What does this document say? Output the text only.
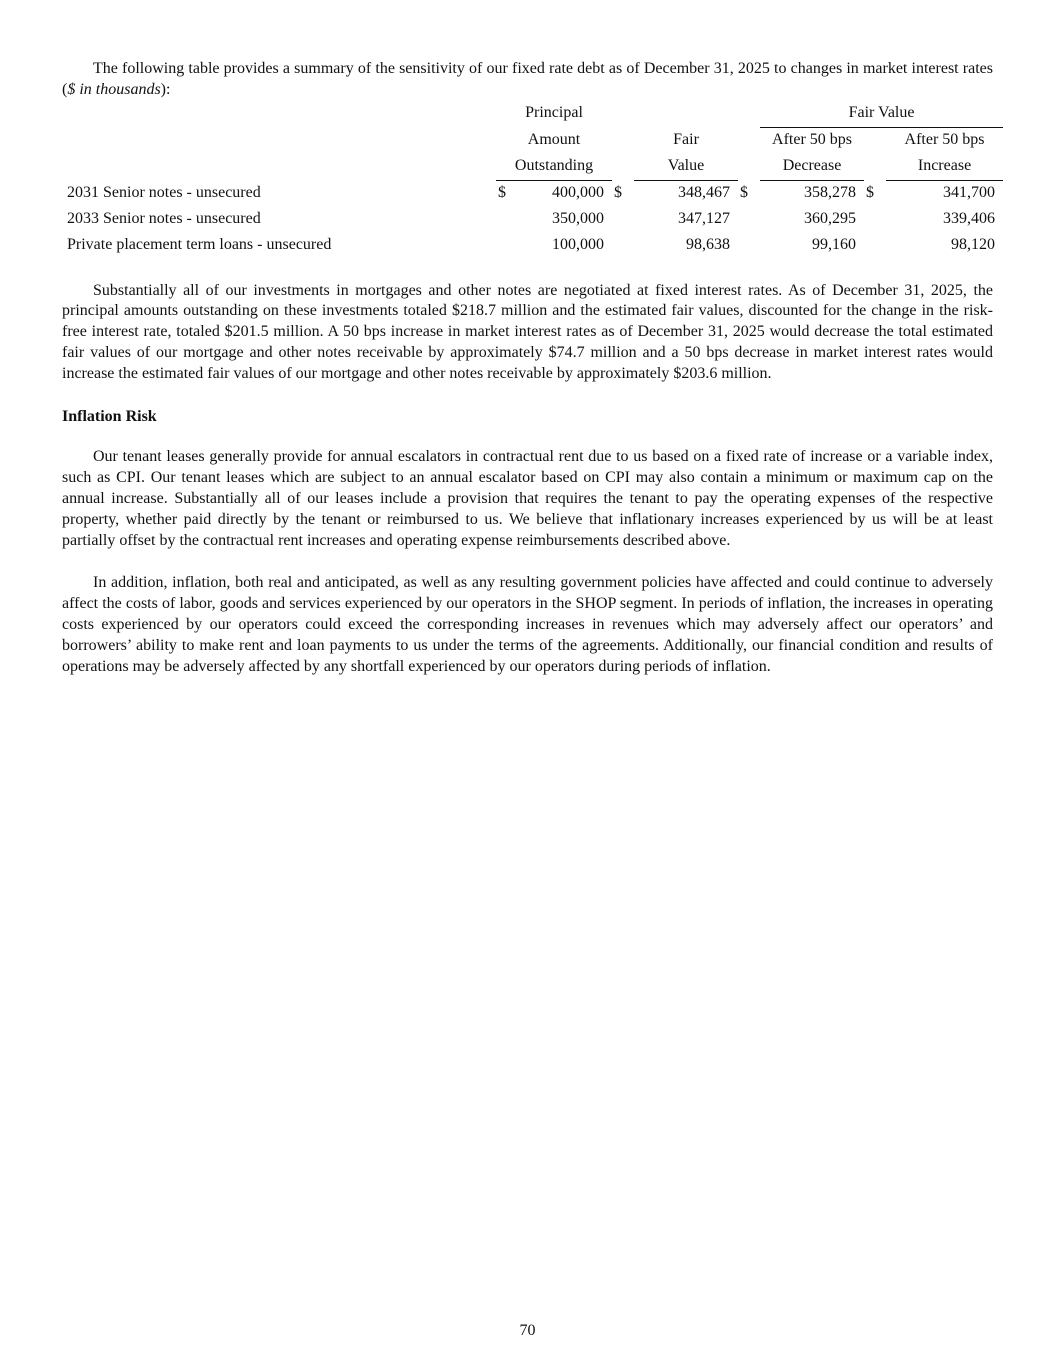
The following table provides a summary of the sensitivity of our fixed rate debt as of December 31, 2025 to changes in market interest rates ($ in thousands):

	Principal					Fair Value		
	Amount			Fair		After 50 bps		After 50 bps
	Outstanding			Value		Decrease		Increase
2031 Senior notes - unsecured	$	400,000	$	348,467	$	358,278	$	341,700
2033 Senior notes - unsecured		350,000		347,127		360,295		339,406
Private placement term loans - unsecured		100,000		98,638		99,160		98,120

Substantially all of our investments in mortgages and other notes are negotiated at fixed interest rates. As of December 31, 2025, the principal amounts outstanding on these investments totaled $218.7 million and the estimated fair values, discounted for the change in the risk-free interest rate, totaled $201.5 million. A 50 bps increase in market interest rates as of December 31, 2025 would decrease the total estimated fair values of our mortgage and other notes receivable by approximately $74.7 million and a 50 bps decrease in market interest rates would increase the estimated fair values of our mortgage and other notes receivable by approximately $203.6 million.

Inflation Risk

Our tenant leases generally provide for annual escalators in contractual rent due to us based on a fixed rate of increase or a variable index, such as CPI. Our tenant leases which are subject to an annual escalator based on CPI may also contain a minimum or maximum cap on the annual increase. Substantially all of our leases include a provision that requires the tenant to pay the operating expenses of the respective property, whether paid directly by the tenant or reimbursed to us. We believe that inflationary increases experienced by us will be at least partially offset by the contractual rent increases and operating expense reimbursements described above.

In addition, inflation, both real and anticipated, as well as any resulting government policies have affected and could continue to adversely affect the costs of labor, goods and services experienced by our operators in the SHOP segment. In periods of inflation, the increases in operating costs experienced by our operators could exceed the corresponding increases in revenues which may adversely affect our operators’ and borrowers’ ability to make rent and loan payments to us under the terms of the agreements. Additionally, our financial condition and results of operations may be adversely affected by any shortfall experienced by our operators during periods of inflation.

70
